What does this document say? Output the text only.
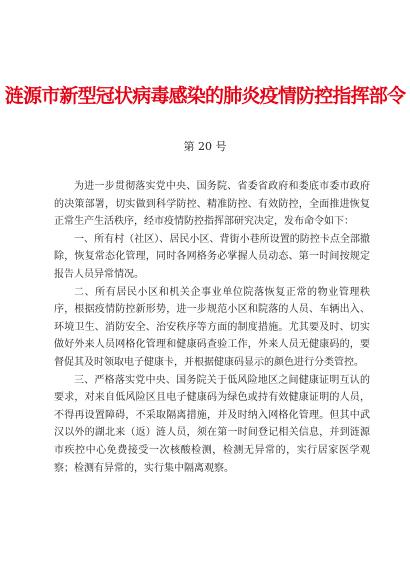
涟源市新型冠状病毒感染的肺炎疫情防控指挥部令
第 20 号

为进一步贯彻落实党中央、国务院、省委省政府和娄底市委市政府的决策部署，切实做到科学防控、精准防控、有效防控，全面推进恢复正常生产生活秩序，经市疫情防控指挥部研究决定，发布命令如下：

一、所有村（社区）、居民小区、背街小巷所设置的防控卡点全部撤除，恢复常态化管理，同时各网格务必掌握人员动态、第一时间按规定报告人员异常情况。

二、所有居民小区和机关企事业单位院落恢复正常的物业管理秩序，根据疫情防控新形势，进一步规范小区和院落的人员、车辆出入、环境卫生、消防安全、治安秩序等方面的制度措施。尤其要及时、切实做好外来人员网格化管理和健康码查验工作，外来人员无健康码的，要督促其及时领取电子健康卡，并根据健康码显示的颜色进行分类管控。

三、严格落实党中央、国务院关于低风险地区之间健康证明互认的要求，对来自低风险区且电子健康码为绿色或持有效健康证明的人员，不得再设置障碍，不采取隔离措施，并及时纳入网格化管理。但其中武汉以外的湖北来（返）涟人员，须在第一时间登记相关信息，并到涟源市疾控中心免费接受一次核酸检测，检测无异常的，实行居家医学观察；检测有异常的，实行集中隔离观察。
